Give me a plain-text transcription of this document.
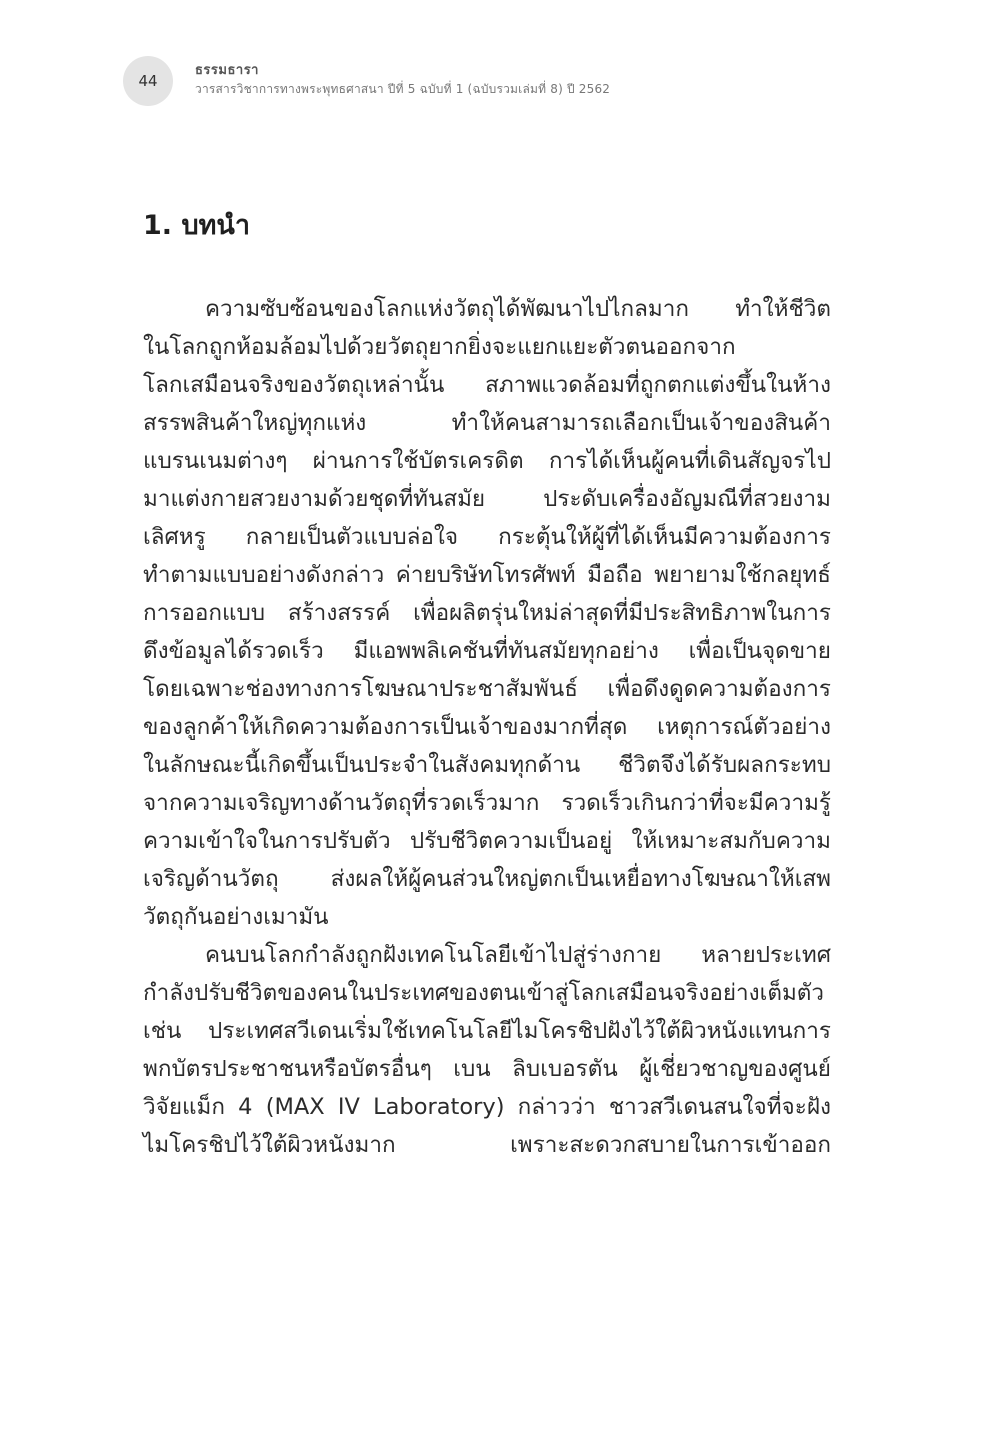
44
ธรรมธารา
วารสารวิชาการทางพระพุทธศาสนา ปีที่ 5 ฉบับที่ 1 (ฉบับรวมเล่มที่ 8) ปี 2562
1. บทนำ
ความซับซ้อนของโลกแห่งวัตถุได้พัฒนาไปไกลมาก ทำให้ชีวิต
ในโลกถูกห้อมล้อมไปด้วยวัตถุยากยิ่งจะแยกแยะตัวตนออกจาก
โลกเสมือนจริงของวัตถุเหล่านั้น สภาพแวดล้อมที่ถูกตกแต่งขึ้นในห้าง
สรรพสินค้าใหญ่ทุกแห่ง ทำให้คนสามารถเลือกเป็นเจ้าของสินค้า
แบรนเนมต่างๆ ผ่านการใช้บัตรเครดิต การได้เห็นผู้คนที่เดินสัญจรไป
มาแต่งกายสวยงามด้วยชุดที่ทันสมัย ประดับเครื่องอัญมณีที่สวยงาม
เลิศหรู กลายเป็นตัวแบบล่อใจ กระตุ้นให้ผู้ที่ได้เห็นมีความต้องการ
ทำตามแบบอย่างดังกล่าว ค่ายบริษัทโทรศัพท์ มือถือ พยายามใช้กลยุทธ์
การออกแบบ สร้างสรรค์ เพื่อผลิตรุ่นใหม่ล่าสุดที่มีประสิทธิภาพในการ
ดึงข้อมูลได้รวดเร็ว มีแอพพลิเคชันที่ทันสมัยทุกอย่าง เพื่อเป็นจุดขาย
โดยเฉพาะช่องทางการโฆษณาประชาสัมพันธ์ เพื่อดึงดูดความต้องการ
ของลูกค้าให้เกิดความต้องการเป็นเจ้าของมากที่สุด เหตุการณ์ตัวอย่าง
ในลักษณะนี้เกิดขึ้นเป็นประจำในสังคมทุกด้าน ชีวิตจึงได้รับผลกระทบ
จากความเจริญทางด้านวัตถุที่รวดเร็วมาก รวดเร็วเกินกว่าที่จะมีความรู้
ความเข้าใจในการปรับตัว ปรับชีวิตความเป็นอยู่ ให้เหมาะสมกับความ
เจริญด้านวัตถุ ส่งผลให้ผู้คนส่วนใหญ่ตกเป็นเหยื่อทางโฆษณาให้เสพ
วัตถุกันอย่างเมามัน
คนบนโลกกำลังถูกฝังเทคโนโลยีเข้าไปสู่ร่างกาย หลายประเทศ
กำลังปรับชีวิตของคนในประเทศของตนเข้าสู่โลกเสมือนจริงอย่างเต็มตัว
เช่น ประเทศสวีเดนเริ่มใช้เทคโนโลยีไมโครชิปฝังไว้ใต้ผิวหนังแทนการ
พกบัตรประชาชนหรือบัตรอื่นๆ เบน ลิบเบอรตัน ผู้เชี่ยวชาญของศูนย์
วิจัยแม็ก 4 (MAX IV Laboratory) กล่าวว่า ชาวสวีเดนสนใจที่จะฝัง
ไมโครชิปไว้ใต้ผิวหนังมาก เพราะสะดวกสบายในการเข้าออก
